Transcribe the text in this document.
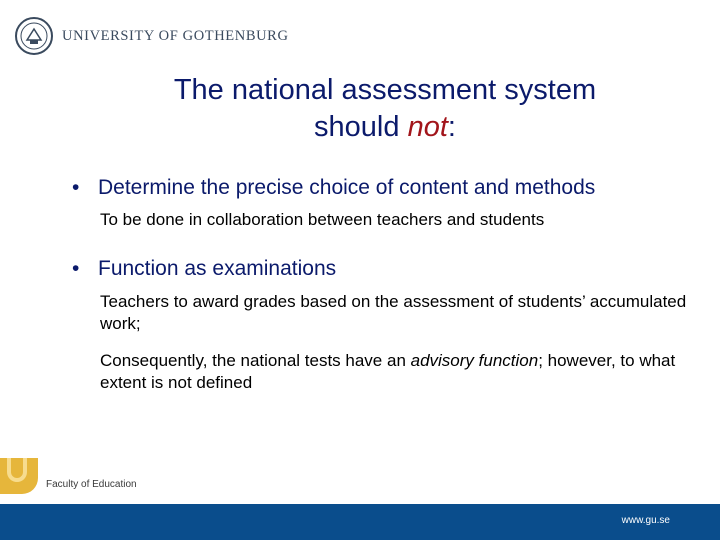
UNIVERSITY OF GOTHENBURG
The national assessment system
should not:
• Determine the precise choice of content and methods
To be done in collaboration between teachers and students
• Function as examinations
Teachers to award grades based on the assessment of students’ accumulated work;
Consequently, the national tests have an advisory function; however, to what extent is not defined
Faculty of Education
www.gu.se
